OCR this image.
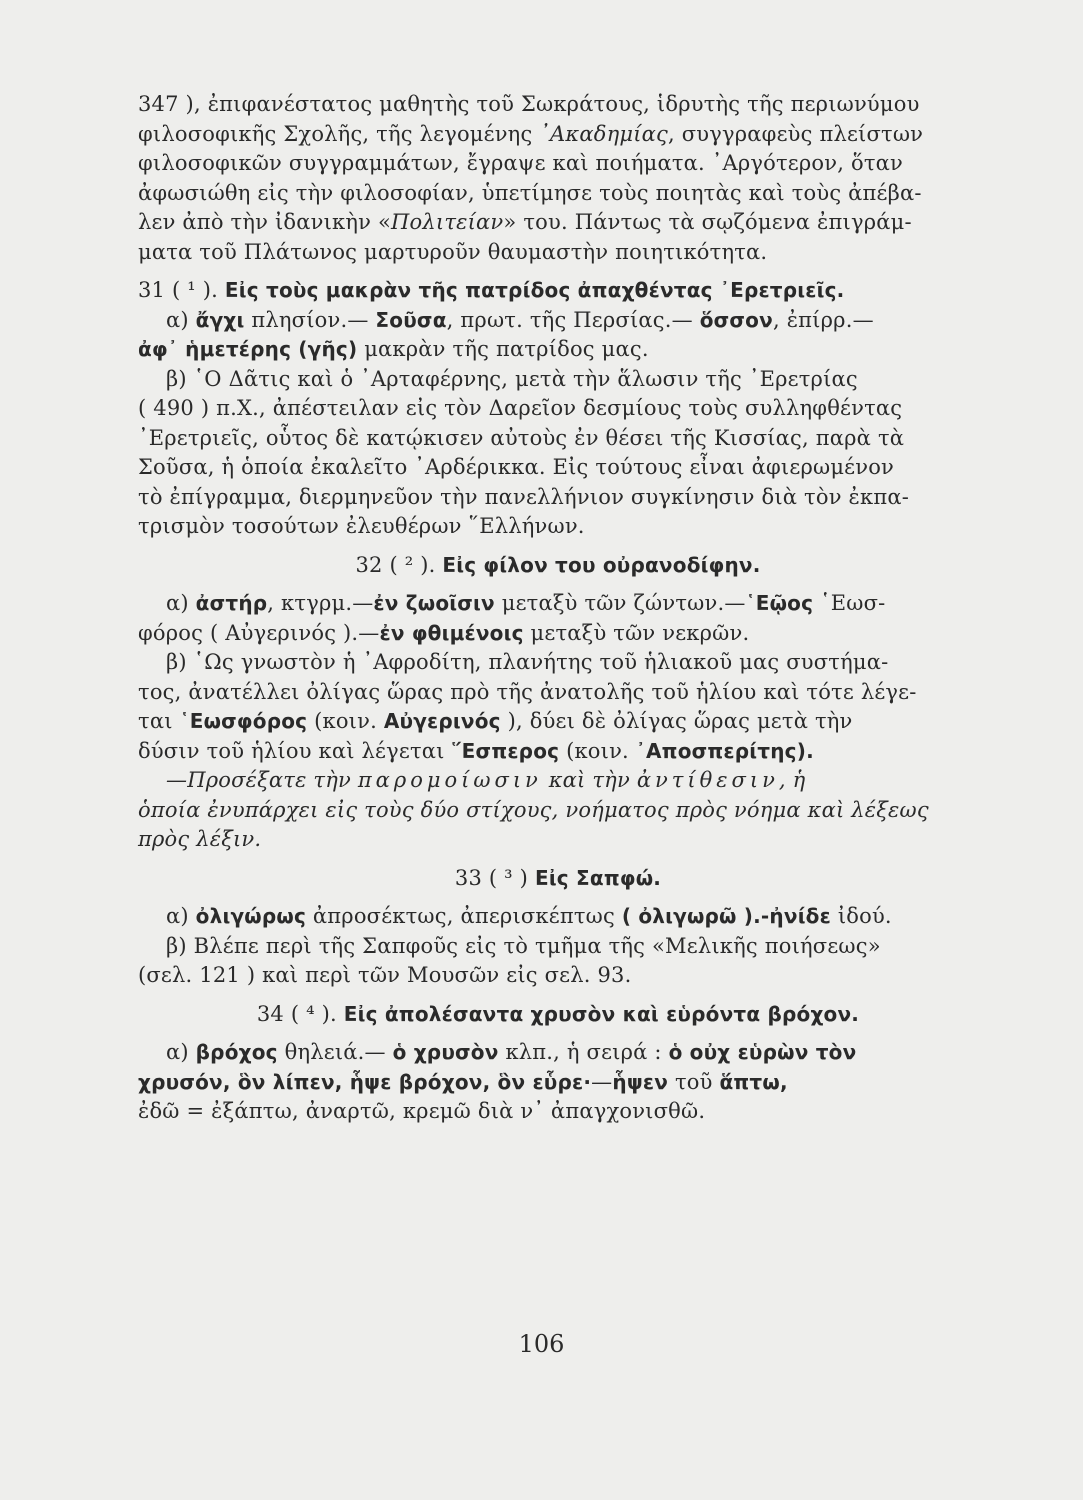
347 ), ἐπιφανέστατος μαθητὴς τοῦ Σωκράτους, ἱδρυτὴς τῆς περιωνύμου
φιλοσοφικῆς Σχολῆς, τῆς λεγομένης ᾿Ακαδημίας, συγγραφεὺς πλείστων
φιλοσοφικῶν συγγραμμάτων, ἔγραψε καὶ ποιήματα. ᾿Αργότερον, ὅταν
ἀφωσιώθη εἰς τὴν φιλοσοφίαν, ὑπετίμησε τοὺς ποιητὰς καὶ τοὺς ἀπέβα-
λεν ἀπὸ τὴν ἰδανικὴν «Πολιτείαν» του. Πάντως τὰ σῳζόμενα ἐπιγράμ-
ματα τοῦ Πλάτωνος μαρτυροῦν θαυμαστὴν ποιητικότητα.
31 ( ¹ ). Εἰς τοὺς μακρὰν τῆς πατρίδος ἀπαχθέντας ᾿Ερετριεῖς.
α) ἄγχι πλησίον.— Σοῦσα, πρωτ. τῆς Περσίας.— ὅσσον, ἐπίρρ.—
ἀφ᾿ ἡμετέρης (γῆς) μακρὰν τῆς πατρίδος μας.
β) ῾Ο Δᾶτις καὶ ὁ ᾿Αρταφέρνης, μετὰ τὴν ἅλωσιν τῆς ᾿Ερετρίας
( 490 ) π.Χ., ἀπέστειλαν εἰς τὸν Δαρεῖον δεσμίους τοὺς συλληφθέντας
᾿Ερετριεῖς, οὗτος δὲ κατῴκισεν αὐτοὺς ἐν θέσει τῆς Κισσίας, παρὰ τὰ
Σοῦσα, ἡ ὁποία ἐκαλεῖτο ᾿Αρδέρικκα. Εἰς τούτους εἶναι ἀφιερωμένον
τὸ ἐπίγραμμα, διερμηνεῦον τὴν πανελλήνιον συγκίνησιν διὰ τὸν ἐκπα-
τρισμὸν τοσούτων ἐλευθέρων ῞Ελλήνων.
32 ( ² ). Εἰς φίλον του οὐρανοδίφην.
α) ἀστήρ, κτγρμ.—ἐν ζωοῖσιν μεταξὺ τῶν ζώντων.—῾Εῷος ῾Εωσ-
φόρος ( Αὐγερινός ).—ἐν φθιμένοις μεταξὺ τῶν νεκρῶν.
β) ῾Ως γνωστὸν ἡ ᾿Αφροδίτη, πλανήτης τοῦ ἡλιακοῦ μας συστήμα-
τος, ἀνατέλλει ὀλίγας ὥρας πρὸ τῆς ἀνατολῆς τοῦ ἡλίου καὶ τότε λέγε-
ται ῾Εωσφόρος (κοιν. Αὐγερινός ), δύει δὲ ὀλίγας ὥρας μετὰ τὴν
δύσιν τοῦ ἡλίου καὶ λέγεται ῞Εσπερος (κοιν. ᾿Αποσπερίτης).
—Προσέξατε τὴν παρομοίωσιν καὶ τὴν ἀντίθεσιν, ἡ
ὁποία ἐνυπάρχει εἰς τοὺς δύο στίχους, νοήματος πρὸς νόημα καὶ λέξεως
πρὸς λέξιν.
33 ( ³ ) Εἰς Σαπφώ.
α) ὀλιγώρως ἀπροσέκτως, ἀπερισκέπτως ( ὀλιγωρῶ ).-ἠνίδε ἰδού.
β) Βλέπε περὶ τῆς Σαπφοῦς εἰς τὸ τμῆμα τῆς «Μελικῆς ποιήσεως»
(σελ. 121 ) καὶ περὶ τῶν Μουσῶν εἰς σελ. 93.
34 ( ⁴ ). Εἰς ἀπολέσαντα χρυσὸν καὶ εὑρόντα βρόχον.
α) βρόχος θηλειά.— ὁ χρυσὸν κλπ., ἡ σειρά : ὁ οὐχ εὑρὼν τὸν
χρυσόν, ὃν λίπεν, ἧψε βρόχον, ὃν εὗρε·—ἧψεν τοῦ ἅπτω,
ἐδῶ = ἐξάπτω, ἀναρτῶ, κρεμῶ διὰ ν᾿ ἀπαγχονισθῶ.
106
